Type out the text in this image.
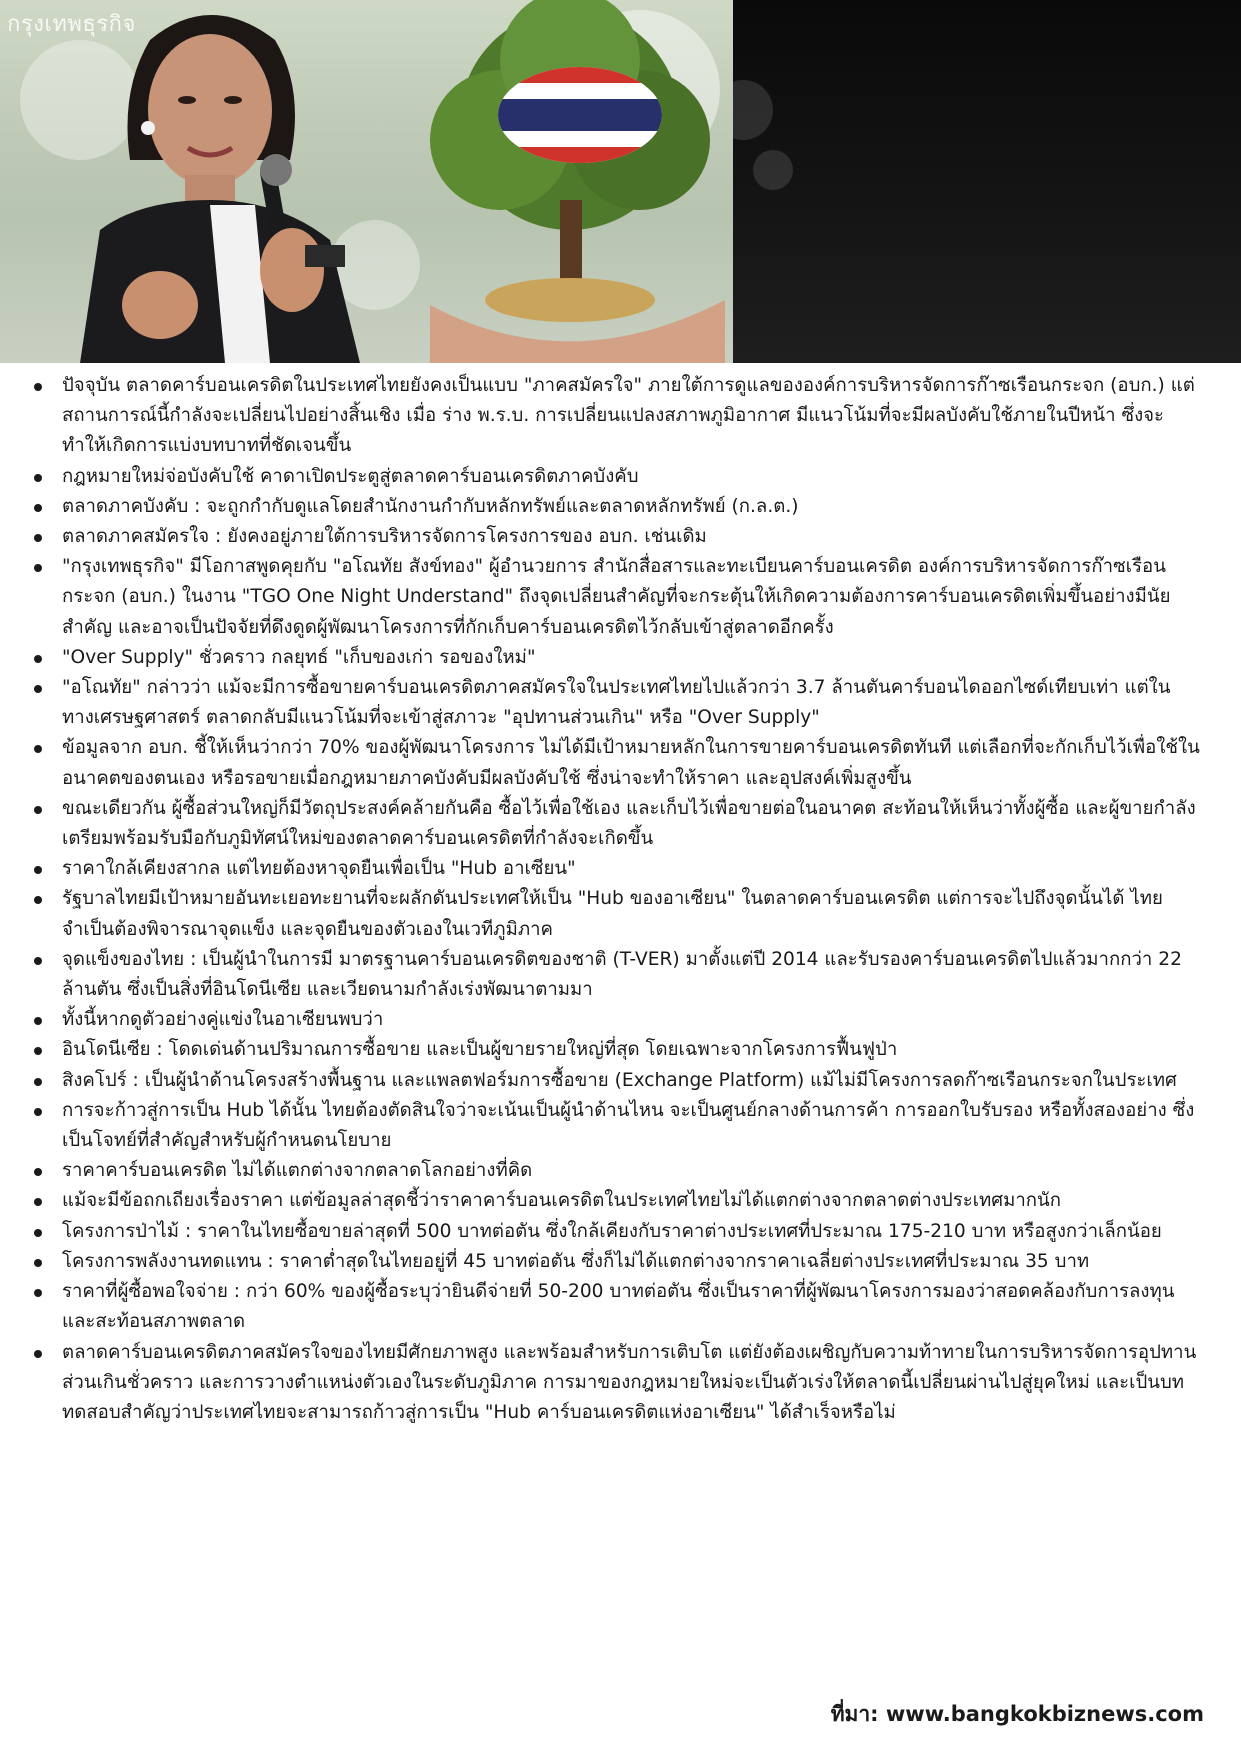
กรุงเทพธุรกิจ
ปัจจุบัน ตลาดคาร์บอนเครดิตในประเทศไทยยังคงเป็นแบบ "ภาคสมัครใจ" ภายใต้การดูแลขององค์การบริหารจัดการก๊าซเรือนกระจก (อบก.) แต่สถานการณ์นี้กำลังจะเปลี่ยนไปอย่างสิ้นเชิง เมื่อ ร่าง พ.ร.บ. การเปลี่ยนแปลงสภาพภูมิอากาศ มีแนวโน้มที่จะมีผลบังคับใช้ภายในปีหน้า ซึ่งจะทำให้เกิดการแบ่งบทบาทที่ชัดเจนขึ้น
กฎหมายใหม่จ่อบังคับใช้ คาดาเปิดประตูสู่ตลาดคาร์บอนเครดิตภาคบังคับ
ตลาดภาคบังคับ : จะถูกกำกับดูแลโดยสำนักงานกำกับหลักทรัพย์และตลาดหลักทรัพย์ (ก.ล.ต.)
ตลาดภาคสมัครใจ : ยังคงอยู่ภายใต้การบริหารจัดการโครงการของ อบก. เช่นเดิม
"กรุงเทพธุรกิจ" มีโอกาสพูดคุยกับ "อโณทัย สังข์ทอง" ผู้อำนวยการ สำนักสื่อสารและทะเบียนคาร์บอนเครดิต องค์การบริหารจัดการก๊าซเรือนกระจก (อบก.) ในงาน "TGO One Night Understand" ถึงจุดเปลี่ยนสำคัญที่จะกระตุ้นให้เกิดความต้องการคาร์บอนเครดิตเพิ่มขึ้นอย่างมีนัยสำคัญ และอาจเป็นปัจจัยที่ดึงดูดผู้พัฒนาโครงการที่กักเก็บคาร์บอนเครดิตไว้กลับเข้าสู่ตลาดอีกครั้ง
"Over Supply" ชั่วคราว กลยุทธ์ "เก็บของเก่า รอของใหม่"
"อโณทัย" กล่าวว่า แม้จะมีการซื้อขายคาร์บอนเครดิตภาคสมัครใจในประเทศไทยไปแล้วกว่า 3.7 ล้านตันคาร์บอนไดออกไซด์เทียบเท่า แต่ในทางเศรษฐศาสตร์ ตลาดกลับมีแนวโน้มที่จะเข้าสู่สภาวะ "อุปทานส่วนเกิน" หรือ "Over Supply"
ข้อมูลจาก อบก. ชี้ให้เห็นว่ากว่า 70% ของผู้พัฒนาโครงการ ไม่ได้มีเป้าหมายหลักในการขายคาร์บอนเครดิตทันที แต่เลือกที่จะกักเก็บไว้เพื่อใช้ในอนาคตของตนเอง หรือรอขายเมื่อกฎหมายภาคบังคับมีผลบังคับใช้ ซึ่งน่าจะทำให้ราคา และอุปสงค์เพิ่มสูงขึ้น
ขณะเดียวกัน ผู้ซื้อส่วนใหญ่ก็มีวัตถุประสงค์คล้ายกันคือ ซื้อไว้เพื่อใช้เอง และเก็บไว้เพื่อขายต่อในอนาคต สะท้อนให้เห็นว่าทั้งผู้ซื้อ และผู้ขายกำลังเตรียมพร้อมรับมือกับภูมิทัศน์ใหม่ของตลาดคาร์บอนเครดิตที่กำลังจะเกิดขึ้น
ราคาใกล้เคียงสากล แต่ไทยต้องหาจุดยืนเพื่อเป็น "Hub อาเซียน"
รัฐบาลไทยมีเป้าหมายอันทะเยอทะยานที่จะผลักดันประเทศให้เป็น "Hub ของอาเซียน" ในตลาดคาร์บอนเครดิต แต่การจะไปถึงจุดนั้นได้ ไทยจำเป็นต้องพิจารณาจุดแข็ง และจุดยืนของตัวเองในเวทีภูมิภาค
จุดแข็งของไทย : เป็นผู้นำในการมี มาตรฐานคาร์บอนเครดิตของชาติ (T-VER) มาตั้งแต่ปี 2014 และรับรองคาร์บอนเครดิตไปแล้วมากกว่า 22 ล้านตัน ซึ่งเป็นสิ่งที่อินโดนีเซีย และเวียดนามกำลังเร่งพัฒนาตามมา
ทั้งนี้หากดูตัวอย่างคู่แข่งในอาเซียนพบว่า
อินโดนีเซีย : โดดเด่นด้านปริมาณการซื้อขาย และเป็นผู้ขายรายใหญ่ที่สุด โดยเฉพาะจากโครงการฟื้นฟูป่า
สิงคโปร์ : เป็นผู้นำด้านโครงสร้างพื้นฐาน และแพลตฟอร์มการซื้อขาย (Exchange Platform) แม้ไม่มีโครงการลดก๊าซเรือนกระจกในประเทศ
การจะก้าวสู่การเป็น Hub ได้นั้น ไทยต้องตัดสินใจว่าจะเน้นเป็นผู้นำด้านไหน จะเป็นศูนย์กลางด้านการค้า การออกใบรับรอง หรือทั้งสองอย่าง ซึ่งเป็นโจทย์ที่สำคัญสำหรับผู้กำหนดนโยบาย
ราคาคาร์บอนเครดิต ไม่ได้แตกต่างจากตลาดโลกอย่างที่คิด
แม้จะมีข้อถกเถียงเรื่องราคา แต่ข้อมูลล่าสุดชี้ว่าราคาคาร์บอนเครดิตในประเทศไทยไม่ได้แตกต่างจากตลาดต่างประเทศมากนัก
โครงการป่าไม้ : ราคาในไทยซื้อขายล่าสุดที่ 500 บาทต่อตัน ซึ่งใกล้เคียงกับราคาต่างประเทศที่ประมาณ 175-210 บาท หรือสูงกว่าเล็กน้อย
โครงการพลังงานทดแทน : ราคาต่ำสุดในไทยอยู่ที่ 45 บาทต่อตัน ซึ่งก็ไม่ได้แตกต่างจากราคาเฉลี่ยต่างประเทศที่ประมาณ 35 บาท
ราคาที่ผู้ซื้อพอใจจ่าย : กว่า 60% ของผู้ซื้อระบุว่ายินดีจ่ายที่ 50-200 บาทต่อตัน ซึ่งเป็นราคาที่ผู้พัฒนาโครงการมองว่าสอดคล้องกับการลงทุน และสะท้อนสภาพตลาด
ตลาดคาร์บอนเครดิตภาคสมัครใจของไทยมีศักยภาพสูง และพร้อมสำหรับการเติบโต แต่ยังต้องเผชิญกับความท้าทายในการบริหารจัดการอุปทานส่วนเกินชั่วคราว และการวางตำแหน่งตัวเองในระดับภูมิภาค การมาของกฎหมายใหม่จะเป็นตัวเร่งให้ตลาดนี้เปลี่ยนผ่านไปสู่ยุคใหม่ และเป็นบททดสอบสำคัญว่าประเทศไทยจะสามารถก้าวสู่การเป็น "Hub คาร์บอนเครดิตแห่งอาเซียน" ได้สำเร็จหรือไม่
ที่มา: www.bangkokbiznews.com
